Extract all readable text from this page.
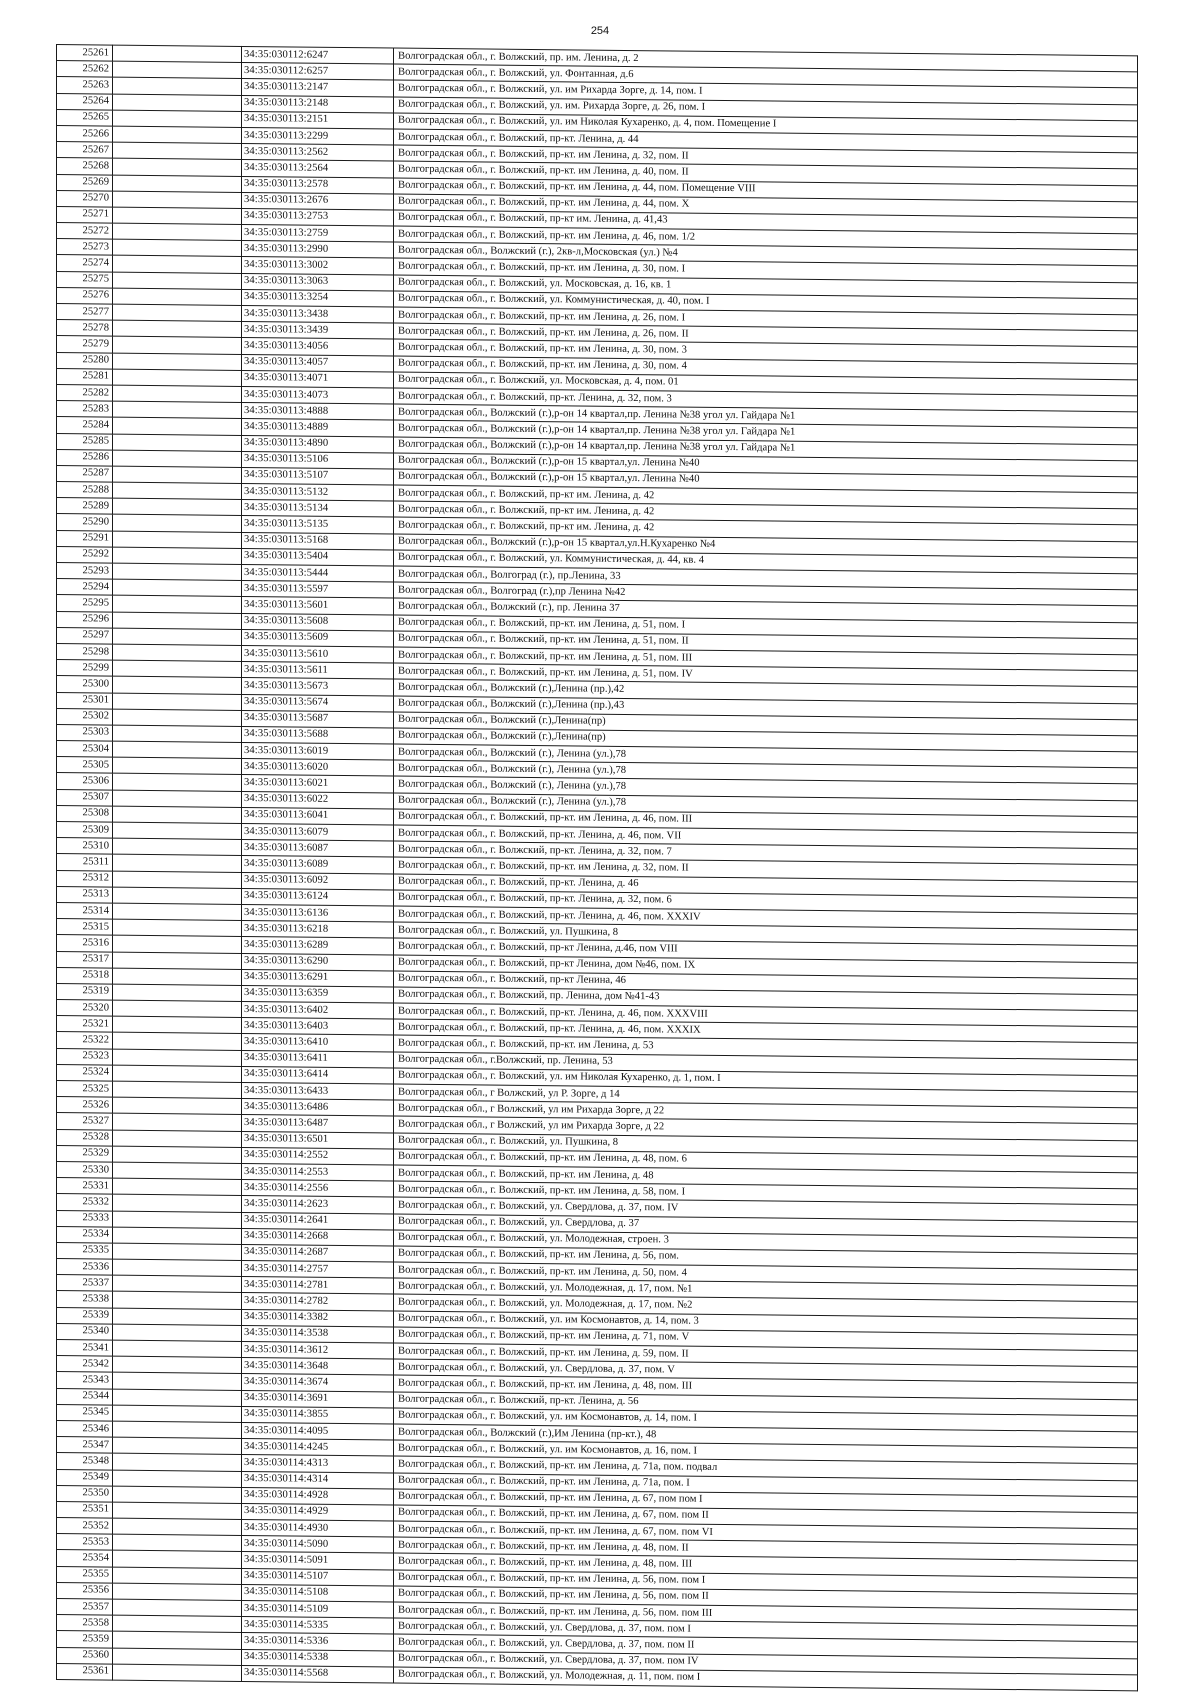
254
25261		34:35:030112:6247	Волгоградская обл., г. Волжский, пр. им. Ленина, д. 2
25262		34:35:030112:6257	Волгоградская обл., г. Волжский, ул. Фонтанная, д.6
25263		34:35:030113:2147	Волгоградская обл., г. Волжский, ул. им Рихарда Зорге, д. 14, пом. I
25264		34:35:030113:2148	Волгоградская обл., г. Волжский, ул. им. Рихарда Зорге, д. 26, пом. I
25265		34:35:030113:2151	Волгоградская обл., г. Волжский, ул. им Николая Кухаренко, д. 4, пом. Помещение I
25266		34:35:030113:2299	Волгоградская обл., г. Волжский, пр-кт. Ленина, д. 44
25267		34:35:030113:2562	Волгоградская обл., г. Волжский, пр-кт. им Ленина, д. 32, пом. II
25268		34:35:030113:2564	Волгоградская обл., г. Волжский, пр-кт. им Ленина, д. 40, пом. II
25269		34:35:030113:2578	Волгоградская обл., г. Волжский, пр-кт. им Ленина, д. 44, пом. Помещение VIII
25270		34:35:030113:2676	Волгоградская обл., г. Волжский, пр-кт. им Ленина, д. 44, пом. X
25271		34:35:030113:2753	Волгоградская обл., г. Волжский, пр-кт им. Ленина, д. 41,43
25272		34:35:030113:2759	Волгоградская обл., г. Волжский, пр-кт. им Ленина, д. 46, пом. 1/2
25273		34:35:030113:2990	Волгоградская обл., Волжский (г.), 2кв-л,Московская (ул.) №4
25274		34:35:030113:3002	Волгоградская обл., г. Волжский, пр-кт. им Ленина, д. 30, пом. I
25275		34:35:030113:3063	Волгоградская обл., г. Волжский, ул. Московская, д. 16, кв. 1
25276		34:35:030113:3254	Волгоградская обл., г. Волжский, ул. Коммунистическая, д. 40, пом. I
25277		34:35:030113:3438	Волгоградская обл., г. Волжский, пр-кт. им Ленина, д. 26, пом. I
25278		34:35:030113:3439	Волгоградская обл., г. Волжский, пр-кт. им Ленина, д. 26, пом. II
25279		34:35:030113:4056	Волгоградская обл., г. Волжский, пр-кт. им Ленина, д. 30, пом. 3
25280		34:35:030113:4057	Волгоградская обл., г. Волжский, пр-кт. им Ленина, д. 30, пом. 4
25281		34:35:030113:4071	Волгоградская обл., г. Волжский, ул. Московская, д. 4, пом. 01
25282		34:35:030113:4073	Волгоградская обл., г. Волжский, пр-кт. Ленина, д. 32, пом. 3
25283		34:35:030113:4888	Волгоградская обл., Волжский (г.),р-он 14 квартал,пр. Ленина №38 угол ул. Гайдара №1
25284		34:35:030113:4889	Волгоградская обл., Волжский (г.),р-он 14 квартал,пр. Ленина №38 угол ул. Гайдара №1
25285		34:35:030113:4890	Волгоградская обл., Волжский (г.),р-он 14 квартал,пр. Ленина №38 угол ул. Гайдара №1
25286		34:35:030113:5106	Волгоградская обл., Волжский (г.),р-он 15 квартал,ул. Ленина №40
25287		34:35:030113:5107	Волгоградская обл., Волжский (г.),р-он 15 квартал,ул. Ленина №40
25288		34:35:030113:5132	Волгоградская обл., г. Волжский, пр-кт им. Ленина, д. 42
25289		34:35:030113:5134	Волгоградская обл., г. Волжский, пр-кт им. Ленина, д. 42
25290		34:35:030113:5135	Волгоградская обл., г. Волжский, пр-кт им. Ленина, д. 42
25291		34:35:030113:5168	Волгоградская обл., Волжский (г.),р-он 15 квартал,ул.Н.Кухаренко №4
25292		34:35:030113:5404	Волгоградская обл., г. Волжский, ул. Коммунистическая, д. 44, кв. 4
25293		34:35:030113:5444	Волгоградская обл., Волгоград (г.), пр.Ленина, 33
25294		34:35:030113:5597	Волгоградская обл., Волгоград (г.),пр Ленина №42
25295		34:35:030113:5601	Волгоградская обл., Волжский (г.), пр. Ленина 37
25296		34:35:030113:5608	Волгоградская обл., г. Волжский, пр-кт. им Ленина, д. 51, пом. I
25297		34:35:030113:5609	Волгоградская обл., г. Волжский, пр-кт. им Ленина, д. 51, пом. II
25298		34:35:030113:5610	Волгоградская обл., г. Волжский, пр-кт. им Ленина, д. 51, пом. III
25299		34:35:030113:5611	Волгоградская обл., г. Волжский, пр-кт. им Ленина, д. 51, пом. IV
25300		34:35:030113:5673	Волгоградская обл., Волжский (г.),Ленина (пр.),42
25301		34:35:030113:5674	Волгоградская обл., Волжский (г.),Ленина (пр.),43
25302		34:35:030113:5687	Волгоградская обл., Волжский (г.),Ленина(пр)
25303		34:35:030113:5688	Волгоградская обл., Волжский (г.),Ленина(пр)
25304		34:35:030113:6019	Волгоградская обл., Волжский (г.), Ленина (ул.),78
25305		34:35:030113:6020	Волгоградская обл., Волжский (г.), Ленина (ул.),78
25306		34:35:030113:6021	Волгоградская обл., Волжский (г.), Ленина (ул.),78
25307		34:35:030113:6022	Волгоградская обл., Волжский (г.), Ленина (ул.),78
25308		34:35:030113:6041	Волгоградская обл., г. Волжский, пр-кт. им Ленина, д. 46, пом. III
25309		34:35:030113:6079	Волгоградская обл., г. Волжский, пр-кт. Ленина, д. 46, пом. VII
25310		34:35:030113:6087	Волгоградская обл., г. Волжский, пр-кт. Ленина, д. 32, пом. 7
25311		34:35:030113:6089	Волгоградская обл., г. Волжский, пр-кт. им Ленина, д. 32, пом. II
25312		34:35:030113:6092	Волгоградская обл., г. Волжский, пр-кт. Ленина, д. 46
25313		34:35:030113:6124	Волгоградская обл., г. Волжский, пр-кт. Ленина, д. 32, пом. 6
25314		34:35:030113:6136	Волгоградская обл., г. Волжский, пр-кт. Ленина, д. 46, пом. XXXIV
25315		34:35:030113:6218	Волгоградская обл., г. Волжский, ул. Пушкина, 8
25316		34:35:030113:6289	Волгоградская обл., г. Волжский, пр-кт Ленина, д.46, пом VIII
25317		34:35:030113:6290	Волгоградская обл., г. Волжский, пр-кт Ленина, дом №46, пом. IX
25318		34:35:030113:6291	Волгоградская обл., г. Волжский, пр-кт Ленина, 46
25319		34:35:030113:6359	Волгоградская обл., г. Волжский, пр. Ленина, дом №41-43
25320		34:35:030113:6402	Волгоградская обл., г. Волжский, пр-кт. Ленина, д. 46, пом. XXXVIII
25321		34:35:030113:6403	Волгоградская обл., г. Волжский, пр-кт. Ленина, д. 46, пом. XXXIX
25322		34:35:030113:6410	Волгоградская обл., г. Волжский, пр-кт. им Ленина, д. 53
25323		34:35:030113:6411	Волгоградская обл., г.Волжский, пр. Ленина, 53
25324		34:35:030113:6414	Волгоградская обл., г. Волжский, ул. им Николая Кухаренко, д. 1, пом. I
25325		34:35:030113:6433	Волгоградская обл., г Волжский, ул Р. Зорге, д 14
25326		34:35:030113:6486	Волгоградская обл., г Волжский, ул им Рихарда Зорге, д 22
25327		34:35:030113:6487	Волгоградская обл., г Волжский, ул им Рихарда Зорге, д 22
25328		34:35:030113:6501	Волгоградская обл., г. Волжский, ул. Пушкина, 8
25329		34:35:030114:2552	Волгоградская обл., г. Волжский, пр-кт. им Ленина, д. 48, пом. 6
25330		34:35:030114:2553	Волгоградская обл., г. Волжский, пр-кт. им Ленина, д. 48
25331		34:35:030114:2556	Волгоградская обл., г. Волжский, пр-кт. им Ленина, д. 58, пом. I
25332		34:35:030114:2623	Волгоградская обл., г. Волжский, ул. Свердлова, д. 37, пом. IV
25333		34:35:030114:2641	Волгоградская обл., г. Волжский, ул. Свердлова, д. 37
25334		34:35:030114:2668	Волгоградская обл., г. Волжский, ул. Молодежная, строен. 3
25335		34:35:030114:2687	Волгоградская обл., г. Волжский, пр-кт. им Ленина, д. 56, пом.
25336		34:35:030114:2757	Волгоградская обл., г. Волжский, пр-кт. им Ленина, д. 50, пом. 4
25337		34:35:030114:2781	Волгоградская обл., г. Волжский, ул. Молодежная, д. 17, пом. №1
25338		34:35:030114:2782	Волгоградская обл., г. Волжский, ул. Молодежная, д. 17, пом. №2
25339		34:35:030114:3382	Волгоградская обл., г. Волжский, ул. им Космонавтов, д. 14, пом. 3
25340		34:35:030114:3538	Волгоградская обл., г. Волжский, пр-кт. им Ленина, д. 71, пом. V
25341		34:35:030114:3612	Волгоградская обл., г. Волжский, пр-кт. им Ленина, д. 59, пом. II
25342		34:35:030114:3648	Волгоградская обл., г. Волжский, ул. Свердлова, д. 37, пом. V
25343		34:35:030114:3674	Волгоградская обл., г. Волжский, пр-кт. им Ленина, д. 48, пом. III
25344		34:35:030114:3691	Волгоградская обл., г. Волжский, пр-кт. Ленина, д. 56
25345		34:35:030114:3855	Волгоградская обл., г. Волжский, ул. им Космонавтов, д. 14, пом. I
25346		34:35:030114:4095	Волгоградская обл., Волжский (г.),Им Ленина (пр-кт.), 48
25347		34:35:030114:4245	Волгоградская обл., г. Волжский, ул. им Космонавтов, д. 16, пом. I
25348		34:35:030114:4313	Волгоградская обл., г. Волжский, пр-кт. им Ленина, д. 71а, пом. подвал
25349		34:35:030114:4314	Волгоградская обл., г. Волжский, пр-кт. им Ленина, д. 71а, пом. I
25350		34:35:030114:4928	Волгоградская обл., г. Волжский, пр-кт. им Ленина, д. 67, пом пом I
25351		34:35:030114:4929	Волгоградская обл., г. Волжский, пр-кт. им Ленина, д. 67, пом. пом II
25352		34:35:030114:4930	Волгоградская обл., г. Волжский, пр-кт. им Ленина, д. 67, пом. пом VI
25353		34:35:030114:5090	Волгоградская обл., г. Волжский, пр-кт. им Ленина, д. 48, пом. II
25354		34:35:030114:5091	Волгоградская обл., г. Волжский, пр-кт. им Ленина, д. 48, пом. III
25355		34:35:030114:5107	Волгоградская обл., г. Волжский, пр-кт. им Ленина, д. 56, пом. пом I
25356		34:35:030114:5108	Волгоградская обл., г. Волжский, пр-кт. им Ленина, д. 56, пом. пом II
25357		34:35:030114:5109	Волгоградская обл., г. Волжский, пр-кт. им Ленина, д. 56, пом. пом III
25358		34:35:030114:5335	Волгоградская обл., г. Волжский, ул. Свердлова, д. 37, пом. пом I
25359		34:35:030114:5336	Волгоградская обл., г. Волжский, ул. Свердлова, д. 37, пом. пом II
25360		34:35:030114:5338	Волгоградская обл., г. Волжский, ул. Свердлова, д. 37, пом. пом IV
25361		34:35:030114:5568	Волгоградская обл., г. Волжский, ул. Молодежная, д. 11, пом. пом I
